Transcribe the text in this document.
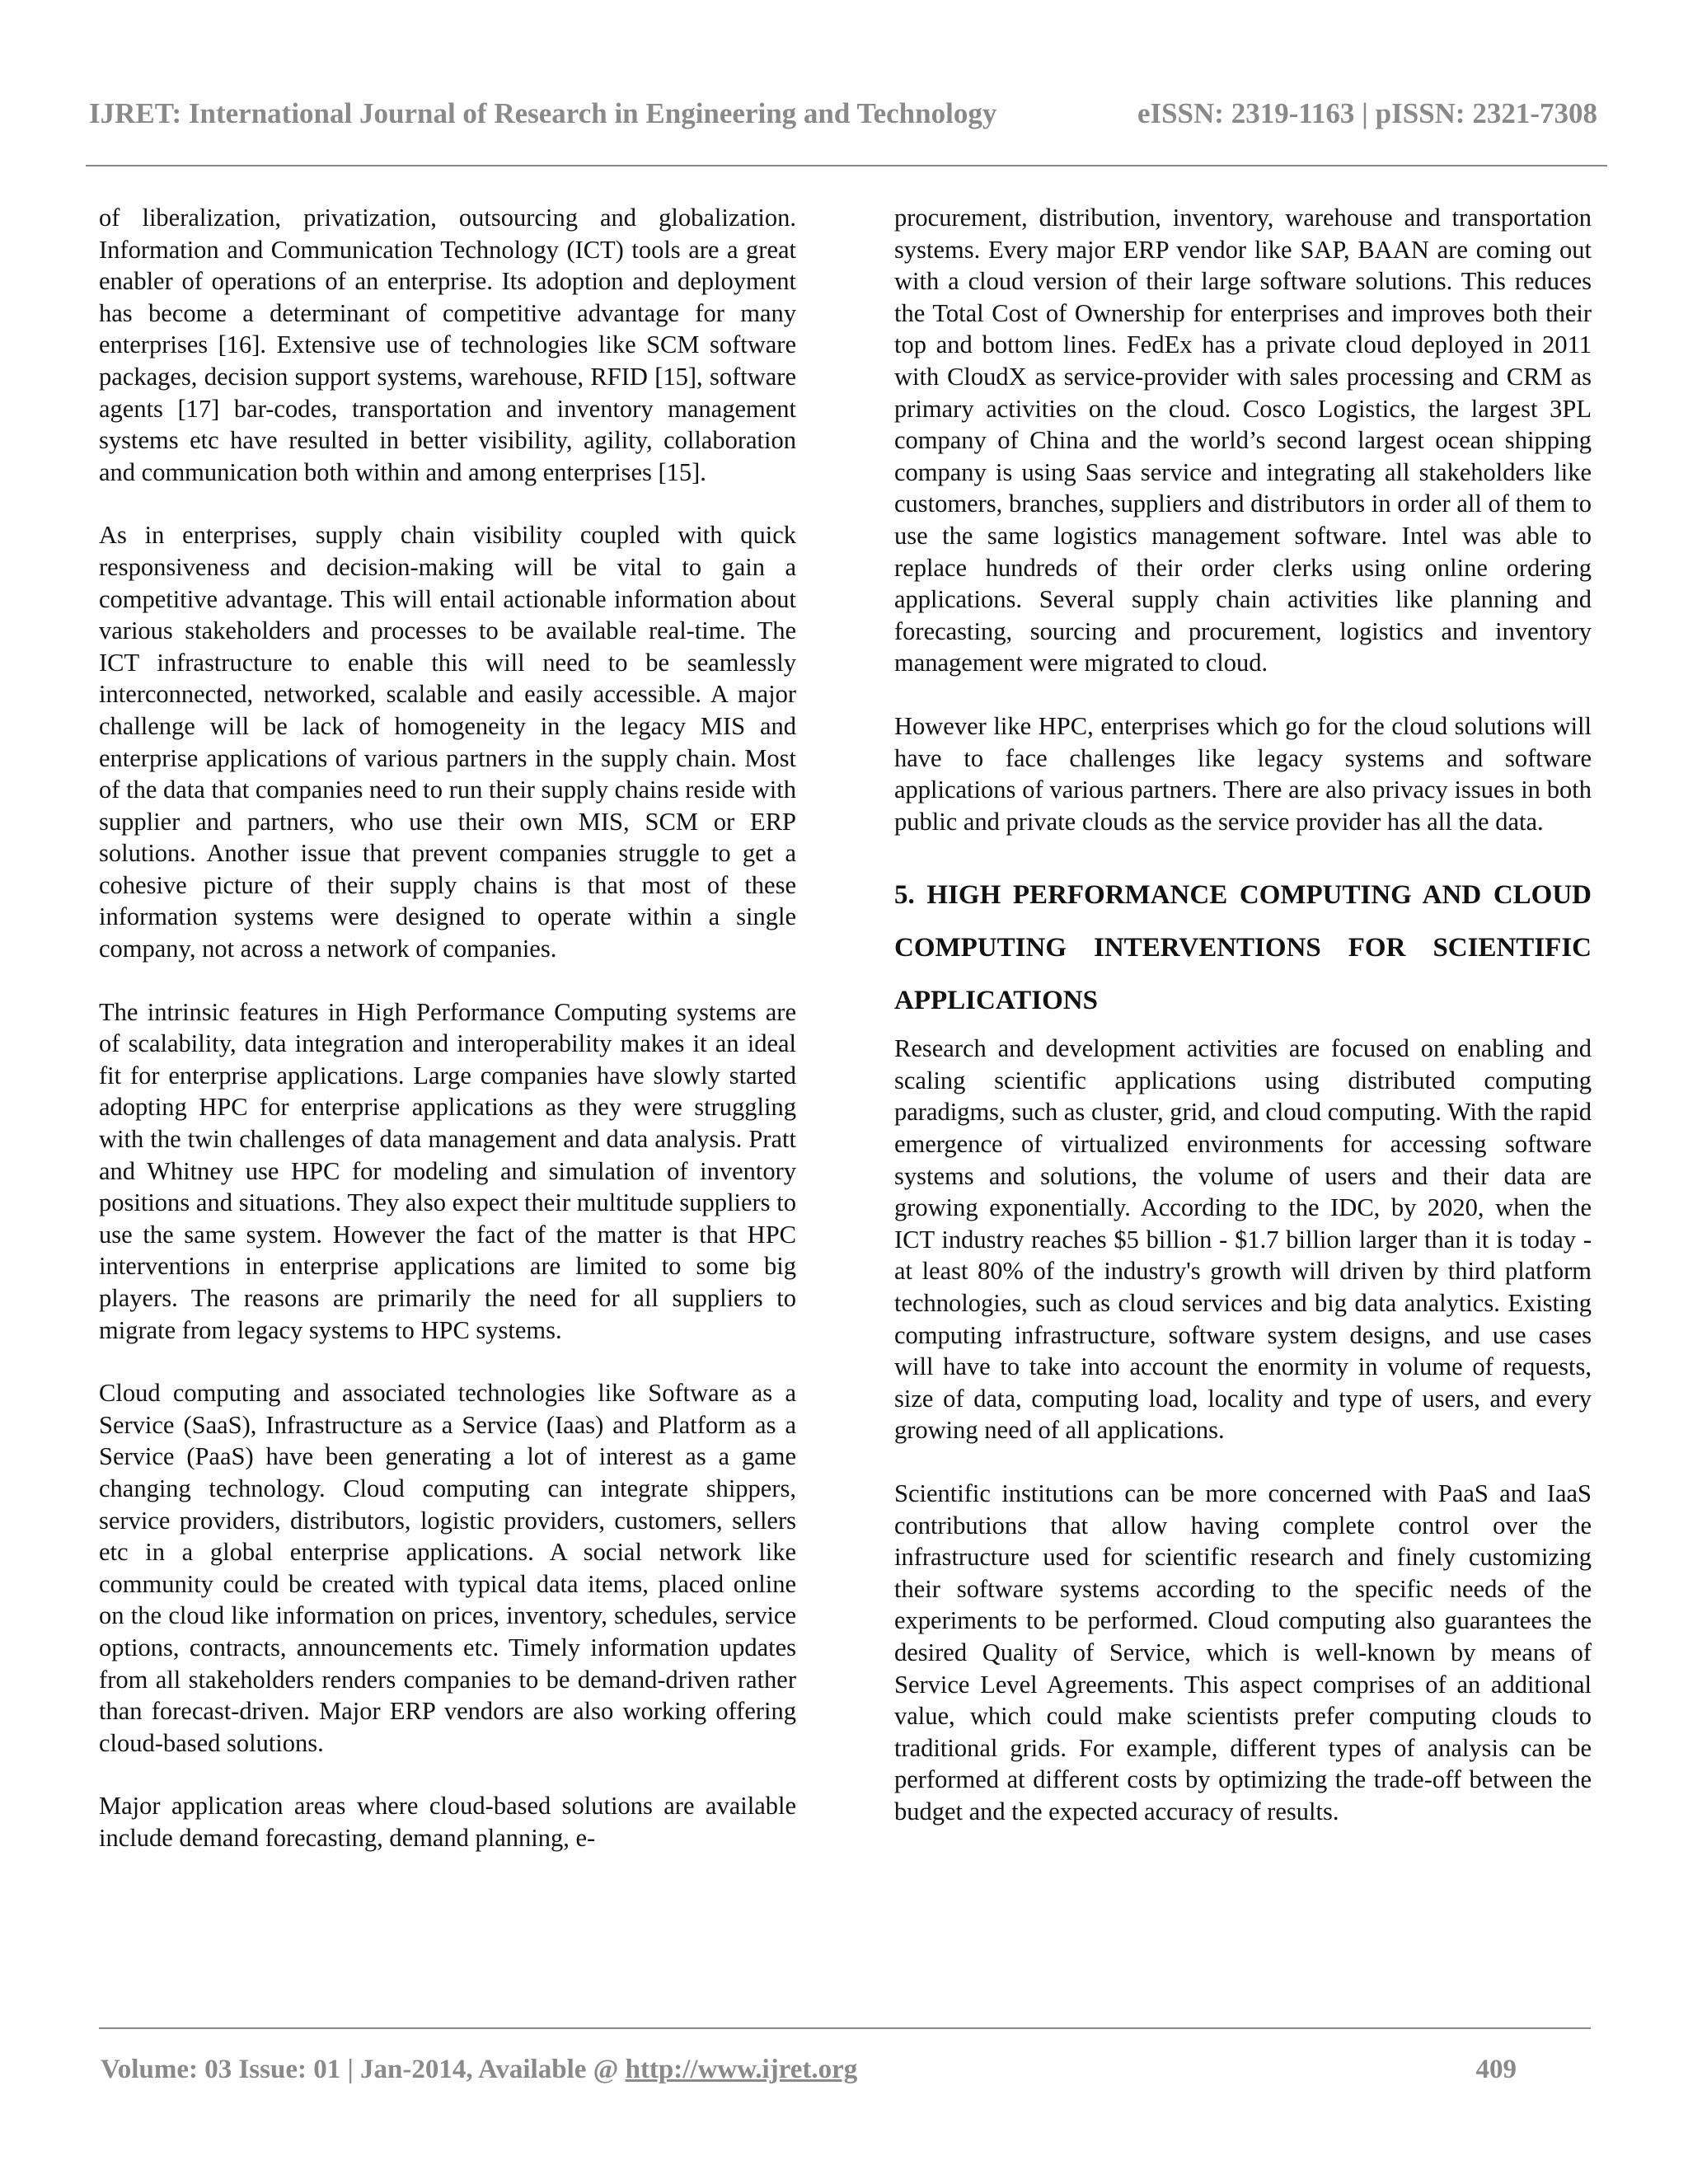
IJRET: International Journal of Research in Engineering and Technology	eISSN: 2319-1163 | pISSN: 2321-7308

of liberalization, privatization, outsourcing and globalization. Information and Communication Technology (ICT) tools are a great enabler of operations of an enterprise. Its adoption and deployment has become a determinant of competitive advantage for many enterprises [16]. Extensive use of technologies like SCM software packages, decision support systems, warehouse, RFID [15], software agents [17] bar-codes, transportation and inventory management systems etc have resulted in better visibility, agility, collaboration and communication both within and among enterprises [15].

As in enterprises, supply chain visibility coupled with quick responsiveness and decision-making will be vital to gain a competitive advantage. This will entail actionable information about various stakeholders and processes to be available real-time. The ICT infrastructure to enable this will need to be seamlessly interconnected, networked, scalable and easily accessible. A major challenge will be lack of homogeneity in the legacy MIS and enterprise applications of various partners in the supply chain. Most of the data that companies need to run their supply chains reside with supplier and partners, who use their own MIS, SCM or ERP solutions. Another issue that prevent companies struggle to get a cohesive picture of their supply chains is that most of these information systems were designed to operate within a single company, not across a network of companies.

The intrinsic features in High Performance Computing systems are of scalability, data integration and interoperability makes it an ideal fit for enterprise applications. Large companies have slowly started adopting HPC for enterprise applications as they were struggling with the twin challenges of data management and data analysis. Pratt and Whitney use HPC for modeling and simulation of inventory positions and situations. They also expect their multitude suppliers to use the same system. However the fact of the matter is that HPC interventions in enterprise applications are limited to some big players. The reasons are primarily the need for all suppliers to migrate from legacy systems to HPC systems.

Cloud computing and associated technologies like Software as a Service (SaaS), Infrastructure as a Service (Iaas) and Platform as a Service (PaaS) have been generating a lot of interest as a game changing technology. Cloud computing can integrate shippers, service providers, distributors, logistic providers, customers, sellers etc in a global enterprise applications. A social network like community could be created with typical data items, placed online on the cloud like information on prices, inventory, schedules, service options, contracts, announcements etc. Timely information updates from all stakeholders renders companies to be demand-driven rather than forecast-driven. Major ERP vendors are also working offering cloud-based solutions.

Major application areas where cloud-based solutions are available include demand forecasting, demand planning, e-

procurement, distribution, inventory, warehouse and transportation systems. Every major ERP vendor like SAP, BAAN are coming out with a cloud version of their large software solutions. This reduces the Total Cost of Ownership for enterprises and improves both their top and bottom lines. FedEx has a private cloud deployed in 2011 with CloudX as service-provider with sales processing and CRM as primary activities on the cloud. Cosco Logistics, the largest 3PL company of China and the world’s second largest ocean shipping company is using Saas service and integrating all stakeholders like customers, branches, suppliers and distributors in order all of them to use the same logistics management software. Intel was able to replace hundreds of their order clerks using online ordering applications. Several supply chain activities like planning and forecasting, sourcing and procurement, logistics and inventory management were migrated to cloud.

However like HPC, enterprises which go for the cloud solutions will have to face challenges like legacy systems and software applications of various partners. There are also privacy issues in both public and private clouds as the service provider has all the data.

5. HIGH PERFORMANCE COMPUTING AND CLOUD COMPUTING INTERVENTIONS FOR SCIENTIFIC APPLICATIONS

Research and development activities are focused on enabling and scaling scientific applications using distributed computing paradigms, such as cluster, grid, and cloud computing. With the rapid emergence of virtualized environments for accessing software systems and solutions, the volume of users and their data are growing exponentially. According to the IDC, by 2020, when the ICT industry reaches $5 billion - $1.7 billion larger than it is today - at least 80% of the industry's growth will driven by third platform technologies, such as cloud services and big data analytics. Existing computing infrastructure, software system designs, and use cases will have to take into account the enormity in volume of requests, size of data, computing load, locality and type of users, and every growing need of all applications.

Scientific institutions can be more concerned with PaaS and IaaS contributions that allow having complete control over the infrastructure used for scientific research and finely customizing their software systems according to the specific needs of the experiments to be performed. Cloud computing also guarantees the desired Quality of Service, which is well-known by means of Service Level Agreements. This aspect comprises of an additional value, which could make scientists prefer computing clouds to traditional grids. For example, different types of analysis can be performed at different costs by optimizing the trade-off between the budget and the expected accuracy of results.

Volume: 03 Issue: 01 | Jan-2014, Available @ http://www.ijret.org	409
